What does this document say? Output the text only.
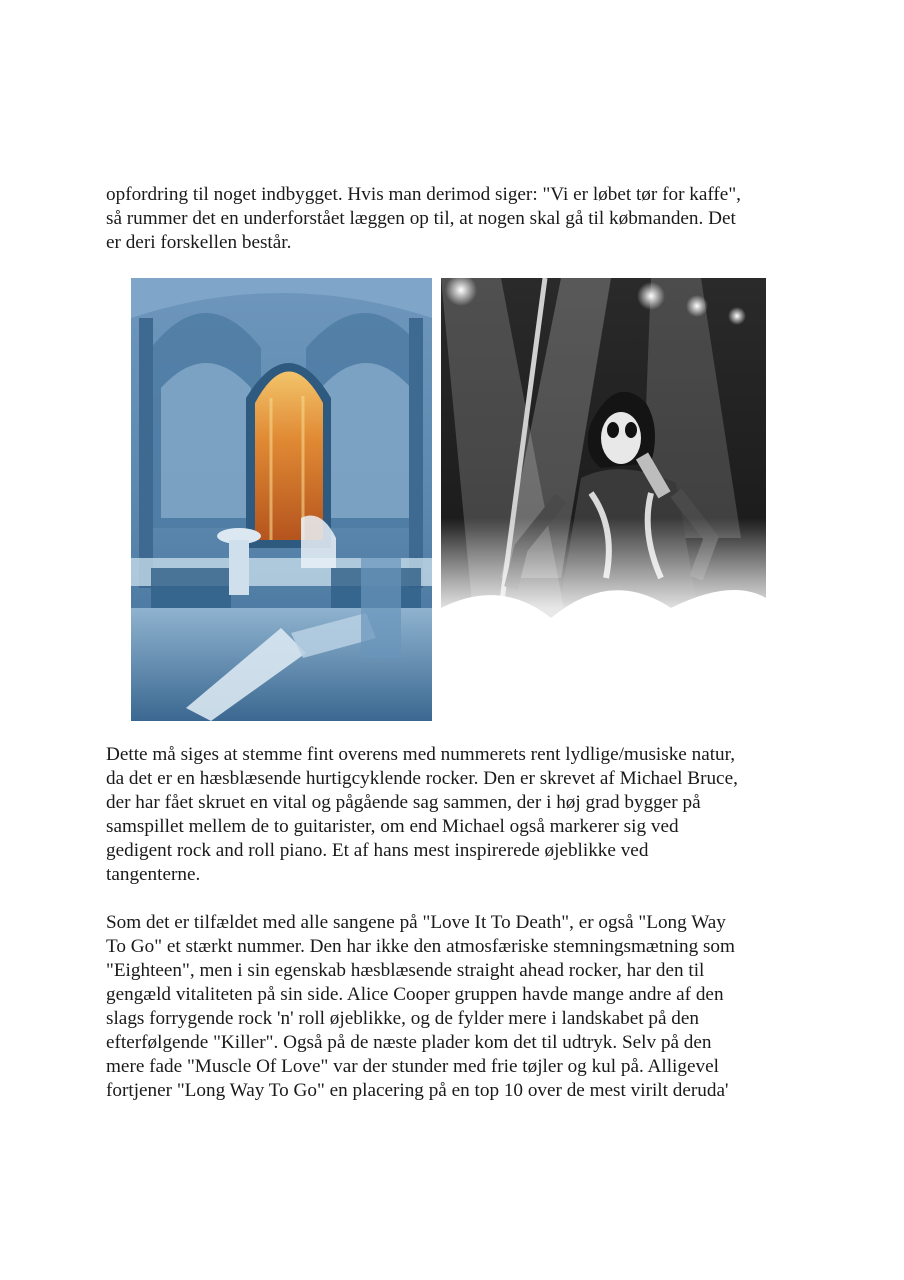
opfordring til noget indbygget. Hvis man derimod siger: "Vi er løbet tør for kaffe",
så rummer det en underforstået læggen op til, at nogen skal gå til købmanden. Det
er deri forskellen består.

Dette må siges at stemme fint overens med nummerets rent lydlige/musiske natur,
da det er en hæsblæsende hurtigcyklende rocker. Den er skrevet af Michael Bruce,
der har fået skruet en vital og pågående sag sammen, der i høj grad bygger på
samspillet mellem de to guitarister, om end Michael også markerer sig ved
gedigent rock and roll piano. Et af hans mest inspirerede øjeblikke ved
tangenterne.

Som det er tilfældet med alle sangene på "Love It To Death", er også "Long Way
To Go" et stærkt nummer. Den har ikke den atmosfæriske stemningsmætning som
"Eighteen", men i sin egenskab hæsblæsende straight ahead rocker, har den til
gengæld vitaliteten på sin side. Alice Cooper gruppen havde mange andre af den
slags forrygende rock 'n' roll øjeblikke, og de fylder mere i landskabet på den
efterfølgende "Killer". Også på de næste plader kom det til udtryk. Selv på den
mere fade "Muscle Of Love" var der stunder med frie tøjler og kul på. Alligevel
fortjener "Long Way To Go" en placering på en top 10 over de mest virilt deruda'
